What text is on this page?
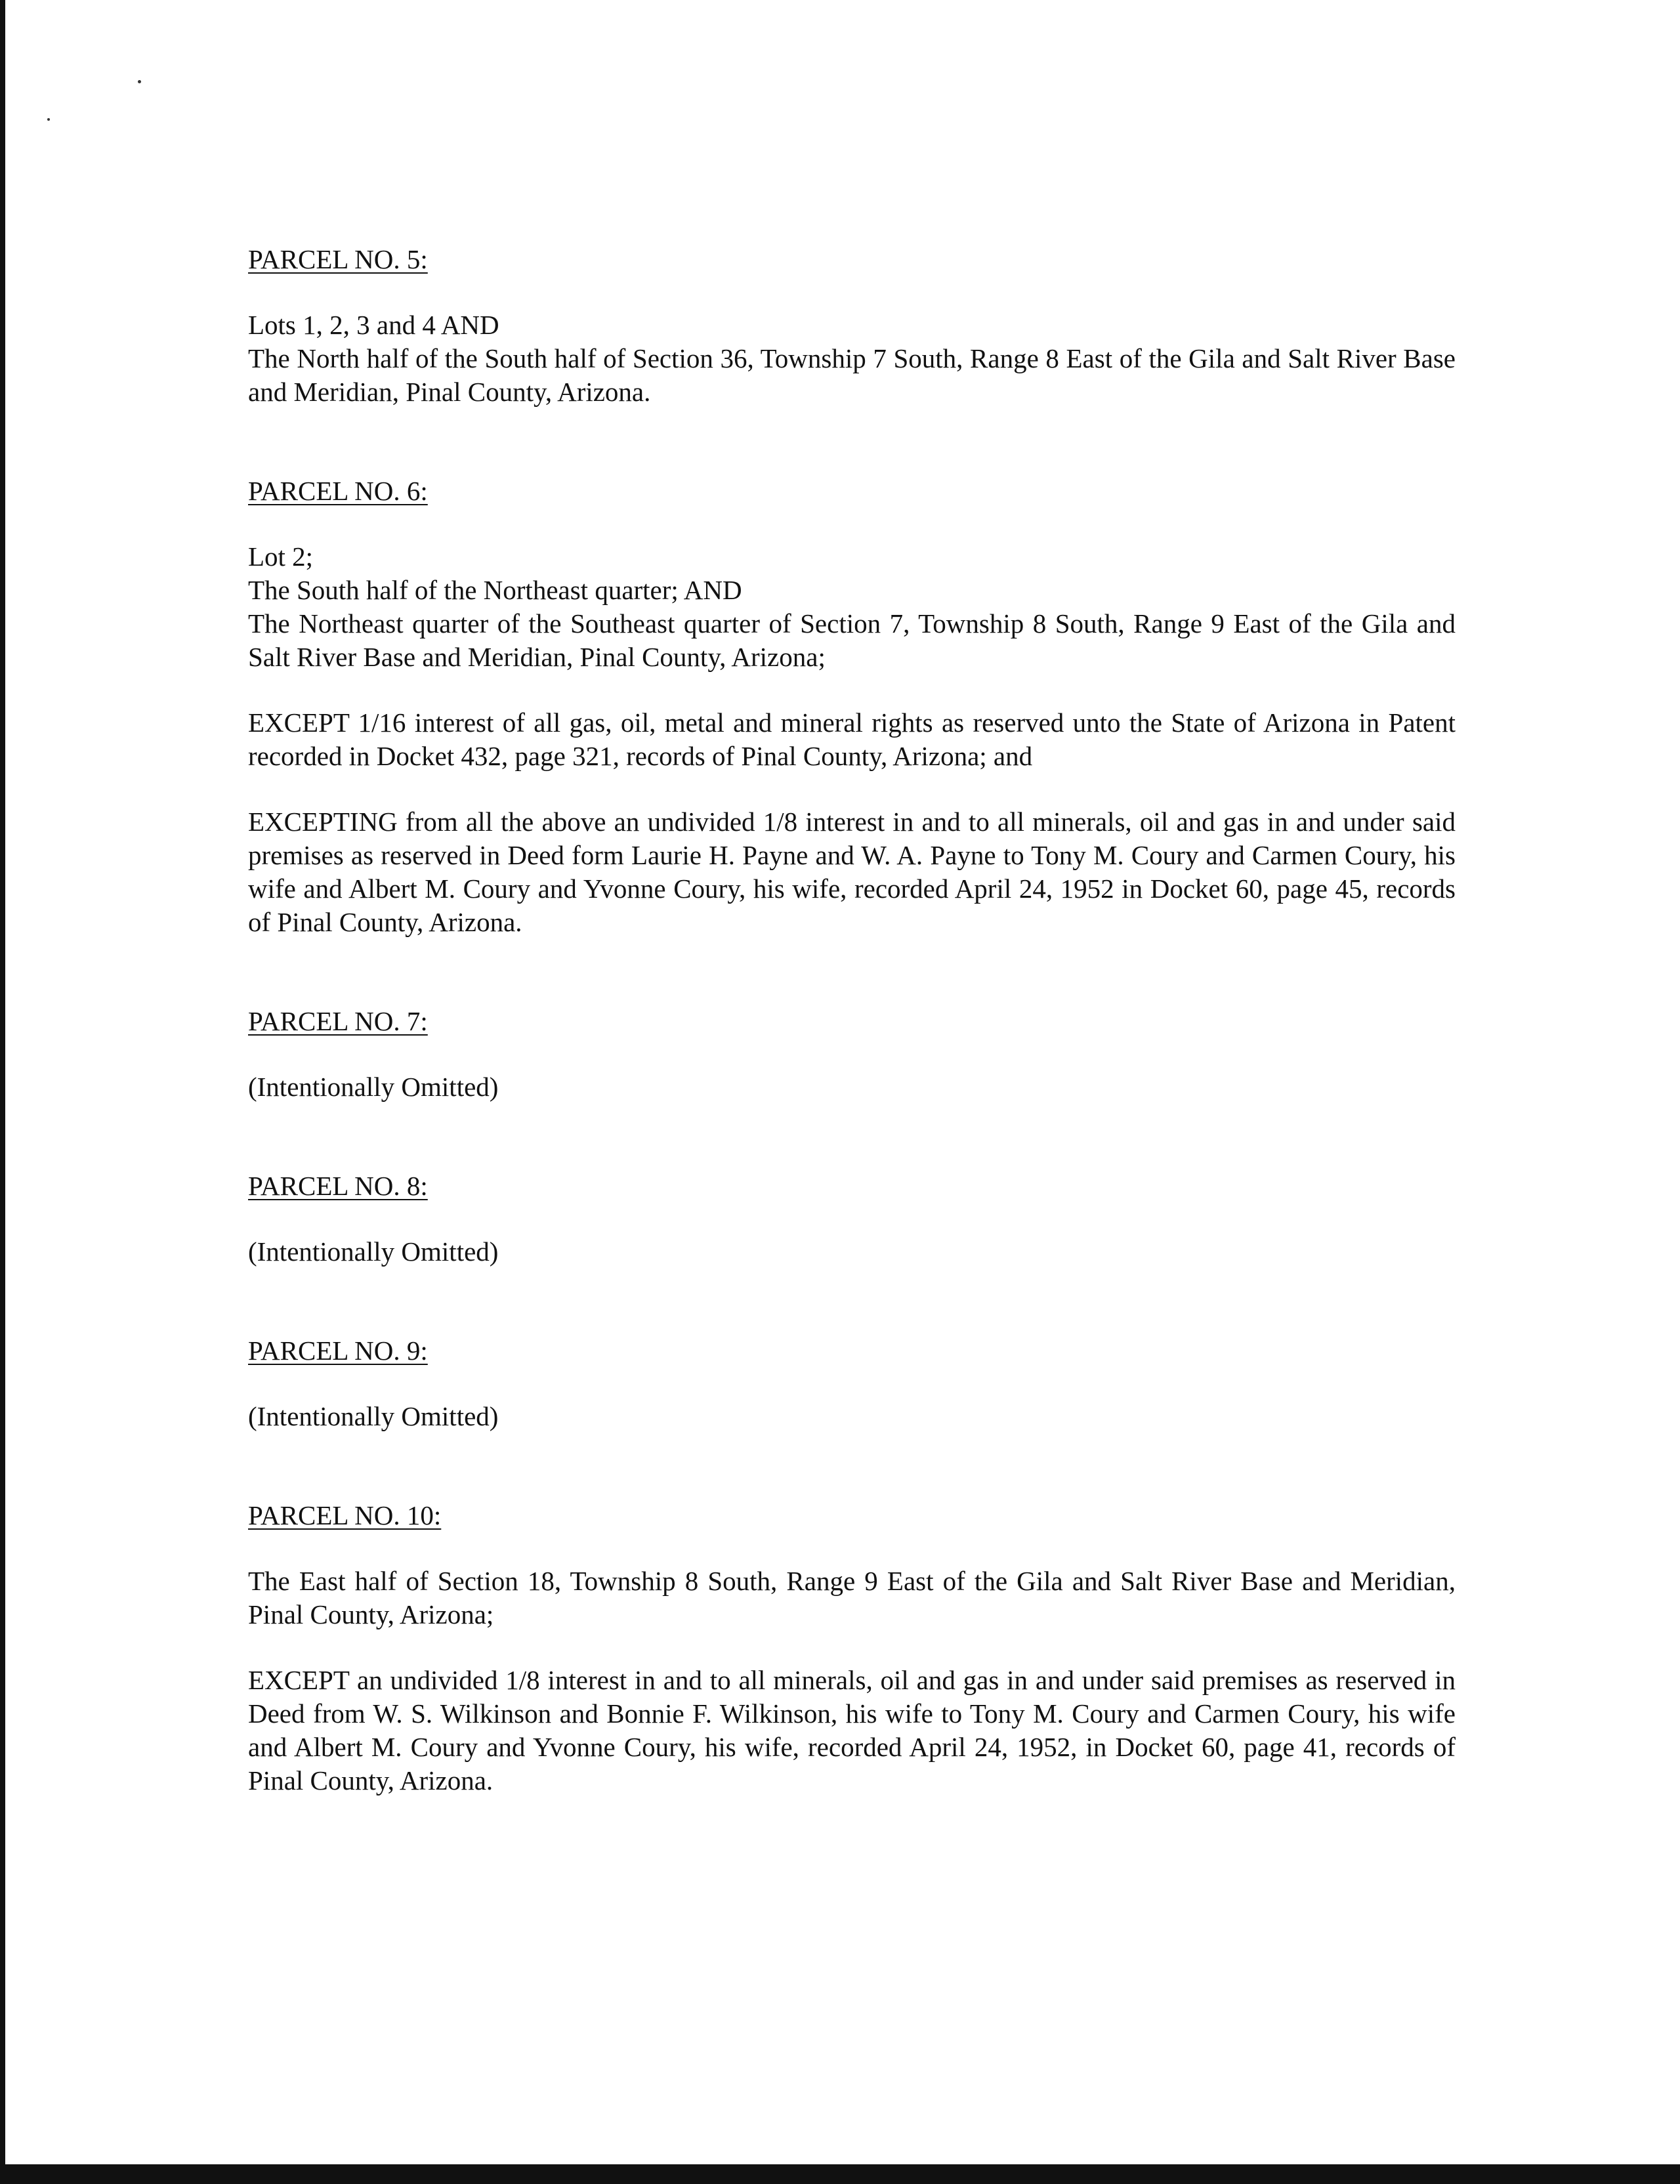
PARCEL NO. 5:

Lots 1, 2, 3 and 4 AND

The North half of the South half of Section 36, Township 7 South, Range 8 East of the Gila and Salt River Base and Meridian, Pinal County, Arizona.

PARCEL NO. 6:

Lot 2;

The South half of the Northeast quarter; AND

The Northeast quarter of the Southeast quarter of Section 7, Township 8 South, Range 9 East of the Gila and Salt River Base and Meridian, Pinal County, Arizona;

EXCEPT 1/16 interest of all gas, oil, metal and mineral rights as reserved unto the State of Arizona in Patent recorded in Docket 432, page 321, records of Pinal County, Arizona; and

EXCEPTING from all the above an undivided 1/8 interest in and to all minerals, oil and gas in and under said premises as reserved in Deed form Laurie H. Payne and W. A. Payne to Tony M. Coury and Carmen Coury, his wife and Albert M. Coury and Yvonne Coury, his wife, recorded April 24, 1952 in Docket 60, page 45, records of Pinal County, Arizona.

PARCEL NO. 7:

(Intentionally Omitted)

PARCEL NO. 8:

(Intentionally Omitted)

PARCEL NO. 9:

(Intentionally Omitted)

PARCEL NO. 10:

The East half of Section 18, Township 8 South, Range 9 East of the Gila and Salt River Base and Meridian, Pinal County, Arizona;

EXCEPT an undivided 1/8 interest in and to all minerals, oil and gas in and under said premises as reserved in Deed from W. S. Wilkinson and Bonnie F. Wilkinson, his wife to Tony M. Coury and Carmen Coury, his wife and Albert M. Coury and Yvonne Coury, his wife, recorded April 24, 1952, in Docket 60, page 41, records of Pinal County, Arizona.
